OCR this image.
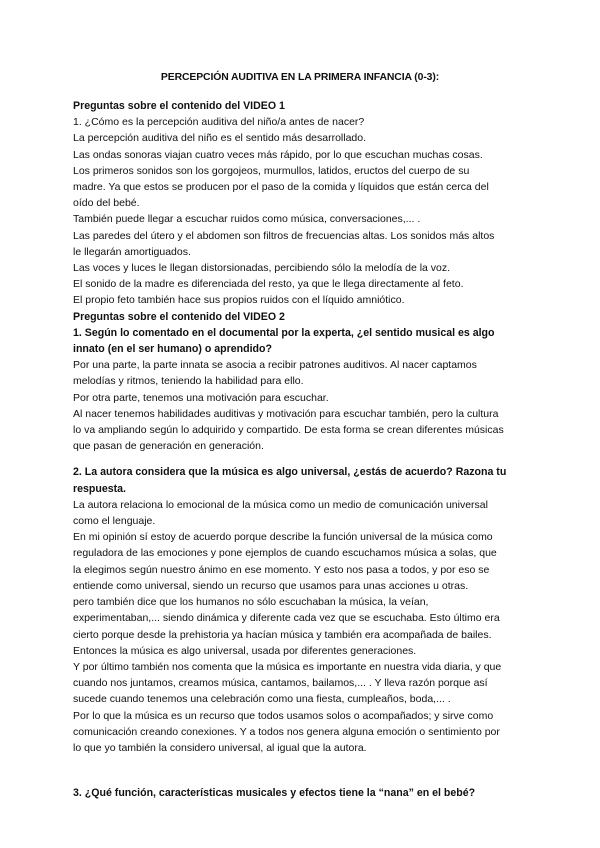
PERCEPCIÓN AUDITIVA EN LA PRIMERA INFANCIA (0-3):

Preguntas sobre el contenido del VIDEO 1

1. ¿Cómo es la percepción auditiva del niño/a antes de nacer?

La percepción auditiva del niño es el sentido más desarrollado.

Las ondas sonoras viajan cuatro veces más rápido, por lo que escuchan muchas cosas.

Los primeros sonidos son los gorgojeos, murmullos, latidos, eructos del cuerpo de su

madre. Ya que estos se producen por el paso de la comida y líquidos que están cerca del

oído del bebé.

También puede llegar a escuchar ruidos como música, conversaciones,... .

Las paredes del útero y el abdomen son filtros de frecuencias altas. Los sonidos más altos

le llegarán amortiguados.

Las voces y luces le llegan distorsionadas, percibiendo sólo la melodía de la voz.

El sonido de la madre es diferenciada del resto, ya que le llega directamente al feto.

El propio feto también hace sus propios ruidos con el líquido amniótico.

Preguntas sobre el contenido del VIDEO 2

1. Según lo comentado en el documental por la experta, ¿el sentido musical es algo

innato (en el ser humano) o aprendido?

Por una parte, la parte innata se asocia a recibir patrones auditivos. Al nacer captamos

melodías y ritmos, teniendo la habilidad para ello.

Por otra parte, tenemos una motivación para escuchar.

Al nacer tenemos habilidades auditivas y motivación para escuchar también, pero la cultura

lo va ampliando según lo adquirido y compartido. De esta forma se crean diferentes músicas

que pasan de generación en generación.

2. La autora considera que la música es algo universal, ¿estás de acuerdo? Razona tu

respuesta.

La autora relaciona lo emocional de la música como un medio de comunicación universal

como el lenguaje.

En mi opinión sí estoy de acuerdo porque describe la función universal de la música como

reguladora de las emociones y pone ejemplos de cuando escuchamos música a solas, que

la elegimos según nuestro ánimo en ese momento. Y esto nos pasa a todos, y por eso se

entiende como universal, siendo un recurso que usamos para unas acciones u otras.

pero también dice que los humanos no sólo escuchaban la música, la veían,

experimentaban,... siendo dinámica y diferente cada vez que se escuchaba. Esto último era

cierto porque desde la prehistoria ya hacían música y también era acompañada de bailes.

Entonces la música es algo universal, usada por diferentes generaciones.

Y por último también nos comenta que la música es importante en nuestra vida diaria, y que

cuando nos juntamos, creamos música, cantamos, bailamos,... . Y lleva razón porque así

sucede cuando tenemos una celebración como una fiesta, cumpleaños, boda,... .

Por lo que la música es un recurso que todos usamos solos o acompañados; y sirve como

comunicación creando conexiones. Y a todos nos genera alguna emoción o sentimiento por

lo que yo también la considero universal, al igual que la autora.

3. ¿Qué función, características musicales y efectos tiene la “nana” en el bebé?
